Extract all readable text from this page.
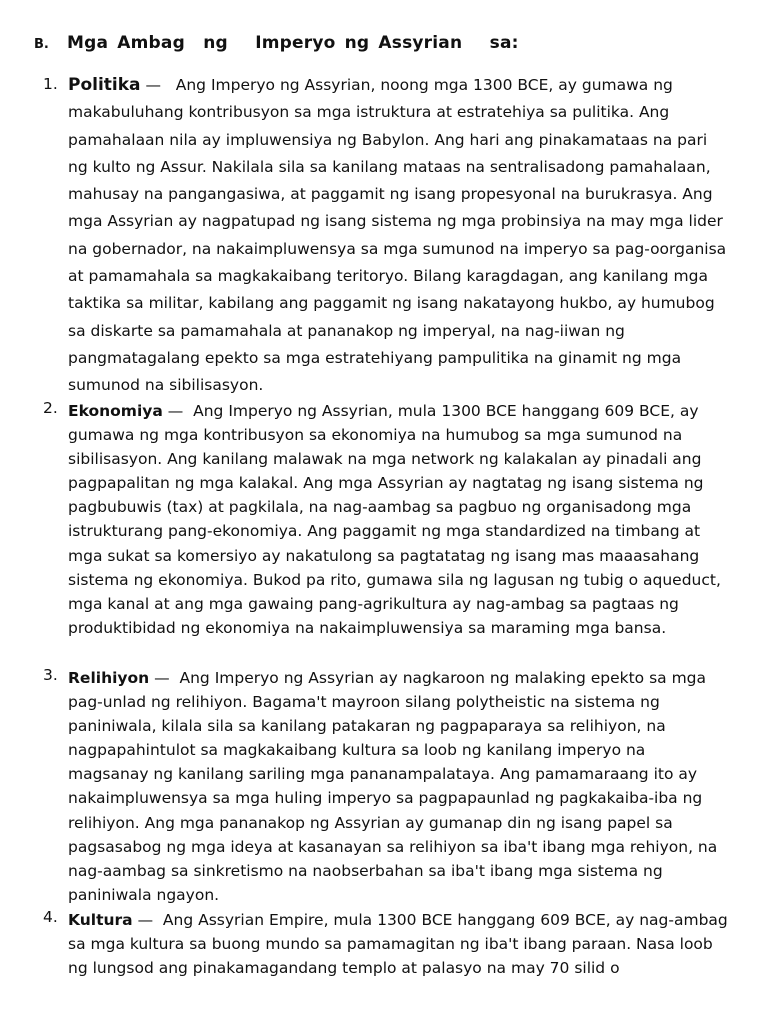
B.	Mga Ambag  ng   Imperyo ng Assyrian   sa:
1. Politika —   Ang Imperyo ng Assyrian, noong mga 1300 BCE, ay gumawa ng makabuluhang kontribusyon sa mga istruktura at estratehiya sa pulitika. Ang pamahalaan nila ay impluwensiya ng Babylon. Ang hari ang pinakamataas na pari ng kulto ng Assur. Nakilala sila sa kanilang mataas na sentralisadong pamahalaan, mahusay na pangangasiwa, at paggamit ng isang propesyonal na burukrasya. Ang mga Assyrian ay nagpatupad ng isang sistema ng mga probinsiya na may mga lider na gobernador, na nakaimpluwensya sa mga sumunod na imperyo sa pag-oorganisa at pamamahala sa magkakaibang teritoryo. Bilang karagdagan, ang kanilang mga taktika sa militar, kabilang ang paggamit ng isang nakatayong hukbo, ay humubog sa diskarte sa pamamahala at pananakop ng imperyal, na nag-iiwan ng pangmatagalang epekto sa mga estratehiyang pampulitika na ginamit ng mga sumunod na sibilisasyon.

2. Ekonomiya —  Ang Imperyo ng Assyrian, mula 1300 BCE hanggang 609 BCE, ay gumawa ng mga kontribusyon sa ekonomiya na humubog sa mga sumunod na sibilisasyon. Ang kanilang malawak na mga network ng kalakalan ay pinadali ang pagpapalitan ng mga kalakal. Ang mga Assyrian ay nagtatag ng isang sistema ng pagbubuwis (tax) at pagkilala, na nag-aambag sa pagbuo ng organisadong mga istrukturang pang-ekonomiya. Ang paggamit ng mga standardized na timbang at mga sukat sa komersiyo ay nakatulong sa pagtatatag ng isang mas maaasahang sistema ng ekonomiya. Bukod pa rito, gumawa sila ng lagusan ng tubig o aqueduct, mga kanal at ang mga gawaing pang-agrikultura ay nag-ambag sa pagtaas ng produktibidad ng ekonomiya na nakaimpluwensiya sa maraming mga bansa.

3. Relihiyon —  Ang Imperyo ng Assyrian ay nagkaroon ng malaking epekto sa mga pag-unlad ng relihiyon. Bagama't mayroon silang polytheistic na sistema ng paniniwala, kilala sila sa kanilang patakaran ng pagpaparaya sa relihiyon, na nagpapahintulot sa magkakaibang kultura sa loob ng kanilang imperyo na magsanay ng kanilang sariling mga pananampalataya. Ang pamamaraang ito ay nakaimpluwensya sa mga huling imperyo sa pagpapaunlad ng pagkakaiba-iba ng relihiyon. Ang mga pananakop ng Assyrian ay gumanap din ng isang papel sa pagsasabog ng mga ideya at kasanayan sa relihiyon sa iba't ibang mga rehiyon, na nag-aambag sa sinkretismo na naobserbahan sa iba't ibang mga sistema ng paniniwala ngayon.

4. Kultura —  Ang Assyrian Empire, mula 1300 BCE hanggang 609 BCE, ay nag-ambag sa mga kultura sa buong mundo sa pamamagitan ng iba't ibang paraan. Nasa loob ng lungsod ang pinakamagandang templo at palasyo na may 70 silid o
